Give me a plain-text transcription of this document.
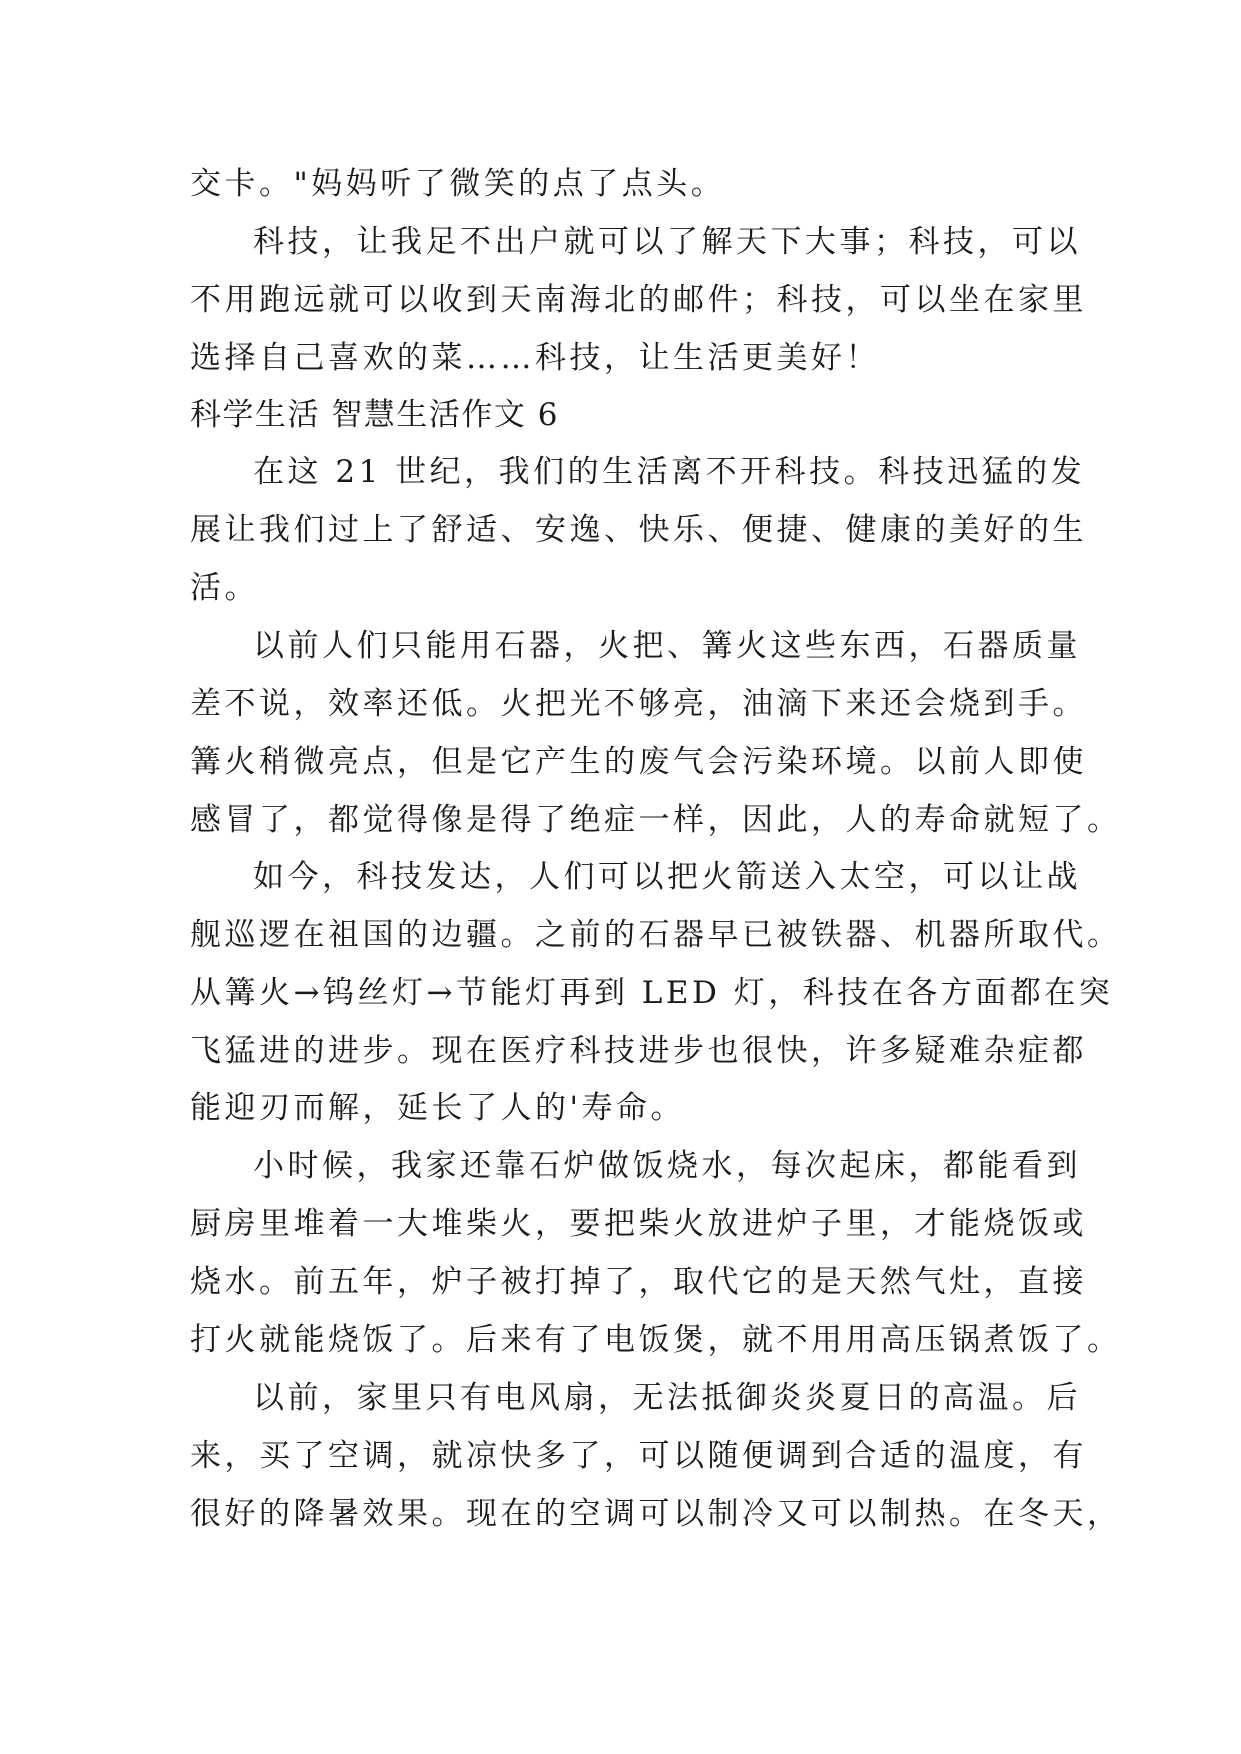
交卡。"妈妈听了微笑的点了点头。
科技，让我足不出户就可以了解天下大事；科技，可以
不用跑远就可以收到天南海北的邮件；科技，可以坐在家里
选择自己喜欢的菜……科技，让生活更美好！
科学生活 智慧生活作文 6
在这 21 世纪，我们的生活离不开科技。科技迅猛的发
展让我们过上了舒适、安逸、快乐、便捷、健康的美好的生
活。
以前人们只能用石器，火把、篝火这些东西，石器质量
差不说，效率还低。火把光不够亮，油滴下来还会烧到手。
篝火稍微亮点，但是它产生的废气会污染环境。以前人即使
感冒了，都觉得像是得了绝症一样，因此，人的寿命就短了。
如今，科技发达，人们可以把火箭送入太空，可以让战
舰巡逻在祖国的边疆。之前的石器早已被铁器、机器所取代。
从篝火→钨丝灯→节能灯再到 LED 灯，科技在各方面都在突
飞猛进的进步。现在医疗科技进步也很快，许多疑难杂症都
能迎刃而解，延长了人的'寿命。
小时候，我家还靠石炉做饭烧水，每次起床，都能看到
厨房里堆着一大堆柴火，要把柴火放进炉子里，才能烧饭或
烧水。前五年，炉子被打掉了，取代它的是天然气灶，直接
打火就能烧饭了。后来有了电饭煲，就不用用高压锅煮饭了。
以前，家里只有电风扇，无法抵御炎炎夏日的高温。后
来，买了空调，就凉快多了，可以随便调到合适的温度，有
很好的降暑效果。现在的空调可以制冷又可以制热。在冬天，
